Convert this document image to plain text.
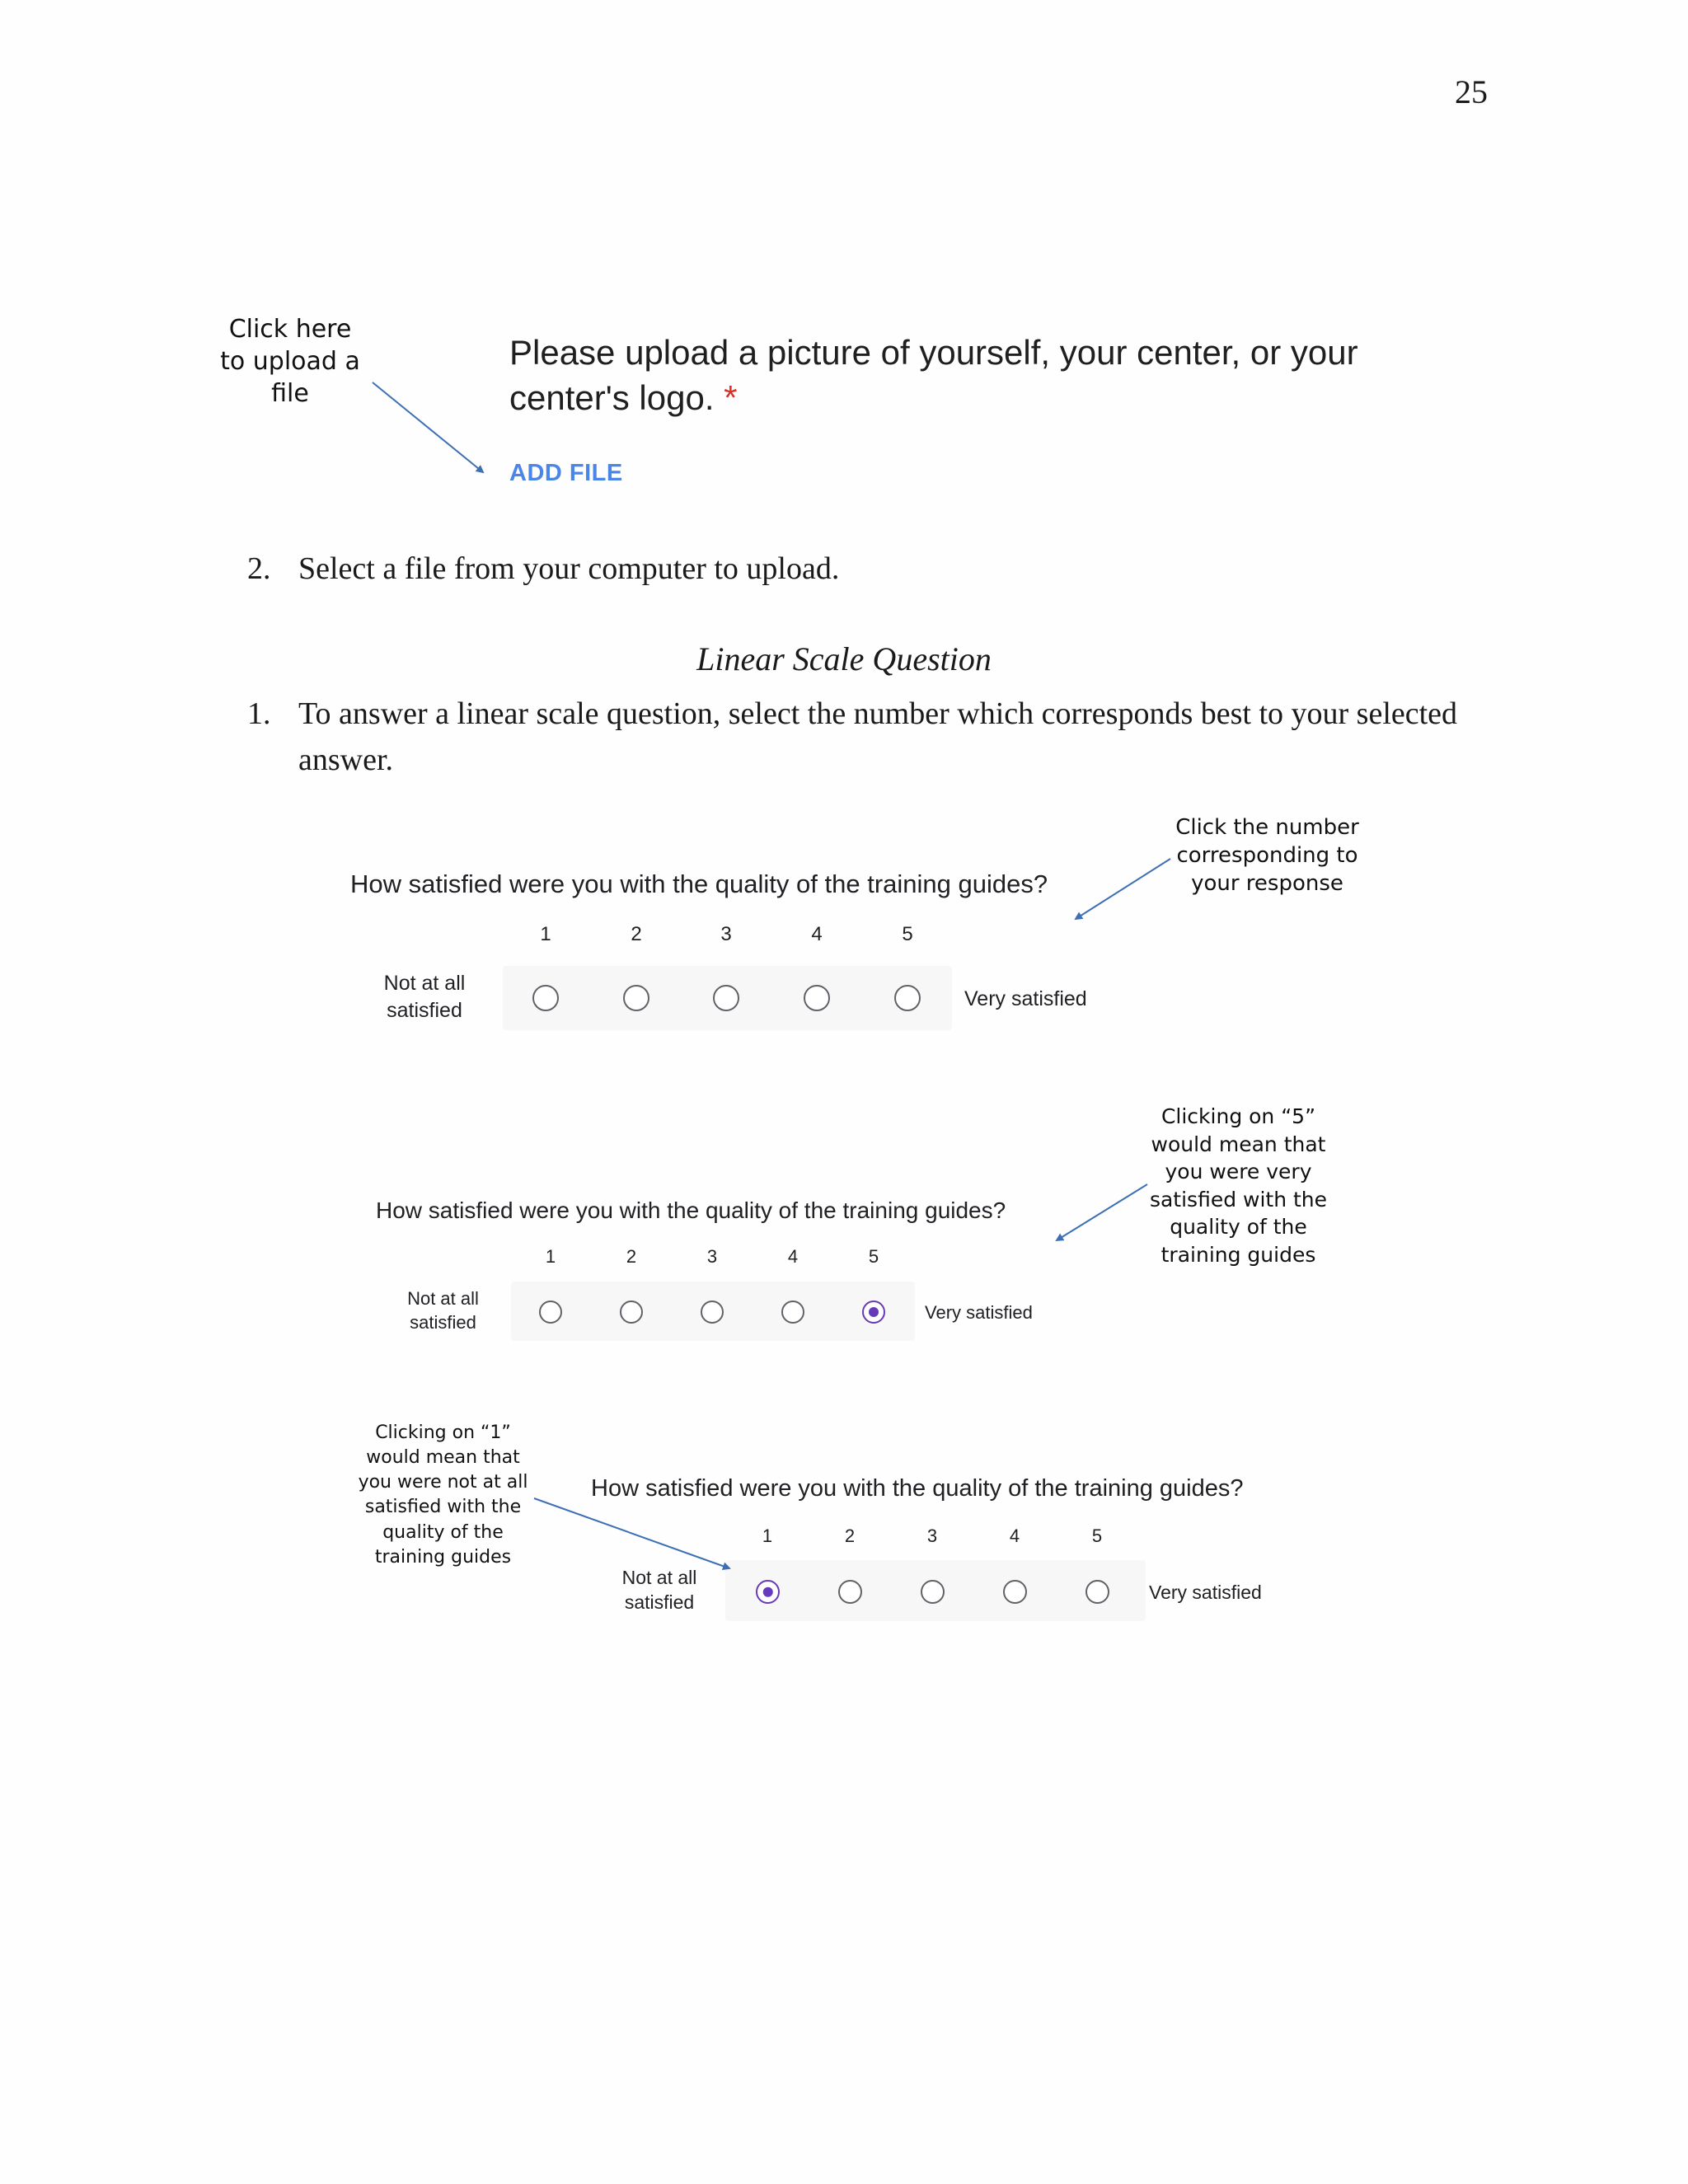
25
Click here
to upload a
file
Please upload a picture of yourself, your center, or your center's logo. *
ADD FILE
2. Select a file from your computer to upload.
Linear Scale Question
1. To answer a linear scale question, select the number which corresponds best to your selected
answer.
How satisfied were you with the quality of the training guides?
Not at all
satisfied	Very satisfied
1	2	3	4	5
Click the number
corresponding to
your response
How satisfied were you with the quality of the training guides?
Not at all
satisfied	Very satisfied
1	2	3	4	5
Clicking on “5”
would mean that
you were very
satisfied with the
quality of the
training guides
How satisfied were you with the quality of the training guides?
Not at all
satisfied	Very satisfied
1	2	3	4	5
Clicking on “1”
would mean that
you were not at all
satisfied with the
quality of the
training guides
